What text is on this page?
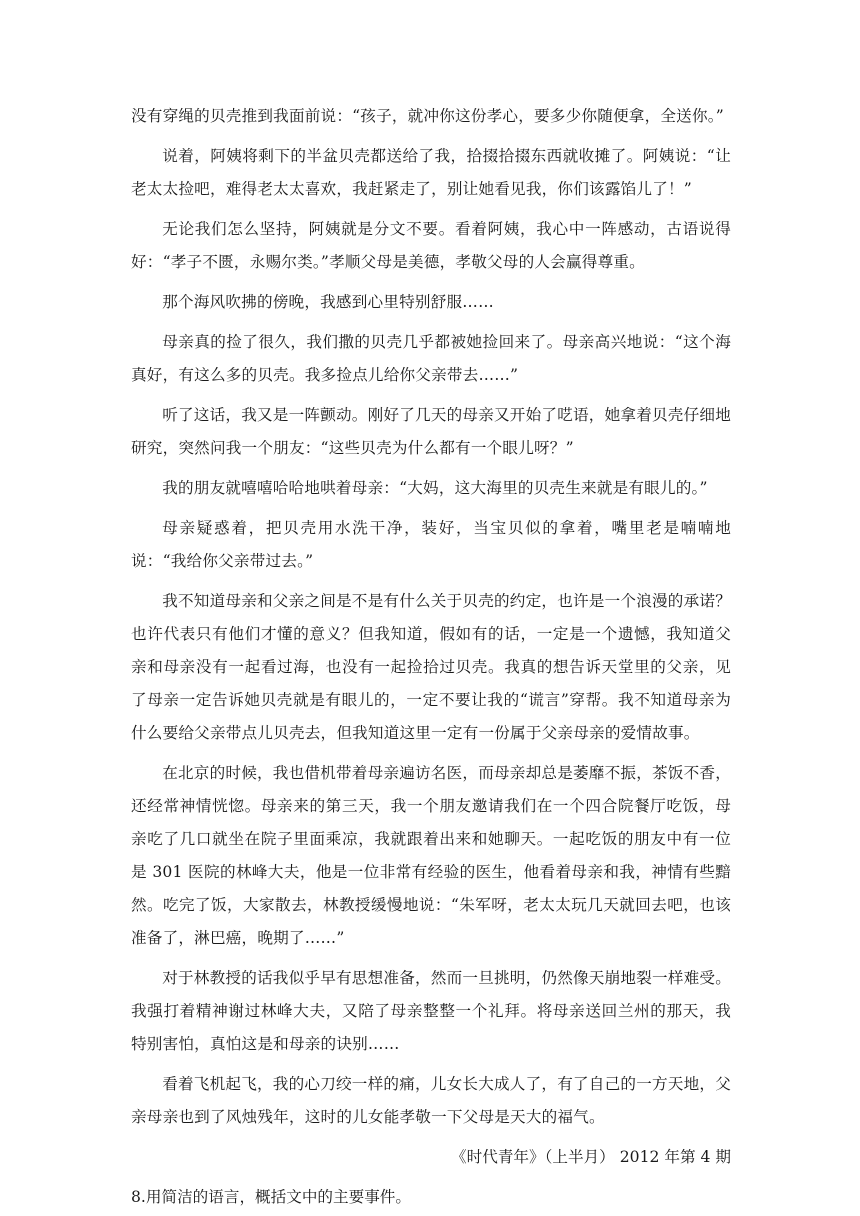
没有穿绳的贝壳推到我面前说：“孩子，就冲你这份孝心，要多少你随便拿，全送你。”

说着，阿姨将剩下的半盆贝壳都送给了我，拾掇拾掇东西就收摊了。阿姨说：“让老太太捡吧，难得老太太喜欢，我赶紧走了，别让她看见我，你们该露馅儿了！”

无论我们怎么坚持，阿姨就是分文不要。看着阿姨，我心中一阵感动，古语说得好：“孝子不匮，永赐尔类。”孝顺父母是美德，孝敬父母的人会赢得尊重。

那个海风吹拂的傍晚，我感到心里特别舒服……

母亲真的捡了很久，我们撒的贝壳几乎都被她捡回来了。母亲高兴地说：“这个海真好，有这么多的贝壳。我多捡点儿给你父亲带去……”

听了这话，我又是一阵颤动。刚好了几天的母亲又开始了呓语，她拿着贝壳仔细地研究，突然问我一个朋友：“这些贝壳为什么都有一个眼儿呀？”

我的朋友就嘻嘻哈哈地哄着母亲：“大妈，这大海里的贝壳生来就是有眼儿的。”

母亲疑惑着，把贝壳用水洗干净，装好，当宝贝似的拿着，嘴里老是喃喃地说：“我给你父亲带过去。”

我不知道母亲和父亲之间是不是有什么关于贝壳的约定，也许是一个浪漫的承诺？也许代表只有他们才懂的意义？但我知道，假如有的话，一定是一个遗憾，我知道父亲和母亲没有一起看过海，也没有一起捡拾过贝壳。我真的想告诉天堂里的父亲，见了母亲一定告诉她贝壳就是有眼儿的，一定不要让我的“谎言”穿帮。我不知道母亲为什么要给父亲带点儿贝壳去，但我知道这里一定有一份属于父亲母亲的爱情故事。

在北京的时候，我也借机带着母亲遍访名医，而母亲却总是萎靡不振，茶饭不香，还经常神情恍惚。母亲来的第三天，我一个朋友邀请我们在一个四合院餐厅吃饭，母亲吃了几口就坐在院子里面乘凉，我就跟着出来和她聊天。一起吃饭的朋友中有一位是 301 医院的林峰大夫，他是一位非常有经验的医生，他看着母亲和我，神情有些黯然。吃完了饭，大家散去，林教授缓慢地说：“朱军呀，老太太玩几天就回去吧，也该准备了，淋巴癌，晚期了……”

对于林教授的话我似乎早有思想准备，然而一旦挑明，仍然像天崩地裂一样难受。我强打着精神谢过林峰大夫，又陪了母亲整整一个礼拜。将母亲送回兰州的那天，我特别害怕，真怕这是和母亲的诀别……

看着飞机起飞，我的心刀绞一样的痛，儿女长大成人了，有了自己的一方天地，父亲母亲也到了风烛残年，这时的儿女能孝敬一下父母是天大的福气。

《时代青年》（上半月） 2012 年第 4 期

8.用简洁的语言，概括文中的主要事件。
